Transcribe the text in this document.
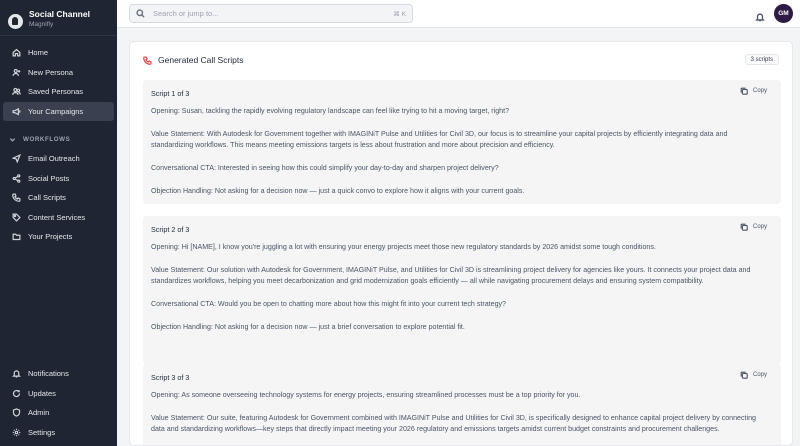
Social Channel
Magnifly
Home
New Persona
Saved Personas
Your Campaigns
WORKFLOWS
Email Outreach
Social Posts
Call Scripts
Content Services
Your Projects
Notifications
Updates
Admin
Settings
Search or jump to...
⌘ K	GM
Generated Call Scripts	3 scripts
Script 1 of 3	Copy

Opening: Susan, tackling the rapidly evolving regulatory landscape can feel like trying to hit a moving target, right?

Value Statement: With Autodesk for Government together with IMAGINiT Pulse and Utilities for Civil 3D, our focus is to streamline your capital projects by efficiently integrating data and standardizing workflows. This means meeting emissions targets is less about frustration and more about precision and efficiency.

Conversational CTA: Interested in seeing how this could simplify your day-to-day and sharpen project delivery?

Objection Handling: Not asking for a decision now — just a quick convo to explore how it aligns with your current goals.

Script 2 of 3	Copy

Opening: Hi [NAME], I know you're juggling a lot with ensuring your energy projects meet those new regulatory standards by 2026 amidst some tough conditions.

Value Statement: Our solution with Autodesk for Government, IMAGINiT Pulse, and Utilities for Civil 3D is streamlining project delivery for agencies like yours. It connects your project data and standardizes workflows, helping you meet decarbonization and grid modernization goals efficiently — all while navigating procurement delays and ensuring system compatibility.

Conversational CTA: Would you be open to chatting more about how this might fit into your current tech strategy?

Objection Handling: Not asking for a decision now — just a brief conversation to explore potential fit.

Script 3 of 3	Copy

Opening: As someone overseeing technology systems for energy projects, ensuring streamlined processes must be a top priority for you.

Value Statement: Our suite, featuring Autodesk for Government combined with IMAGINiT Pulse and Utilities for Civil 3D, is specifically designed to enhance capital project delivery by connecting data and standardizing workflows—key steps that directly impact meeting your 2026 regulatory and emissions targets amidst current budget constraints and procurement challenges.
